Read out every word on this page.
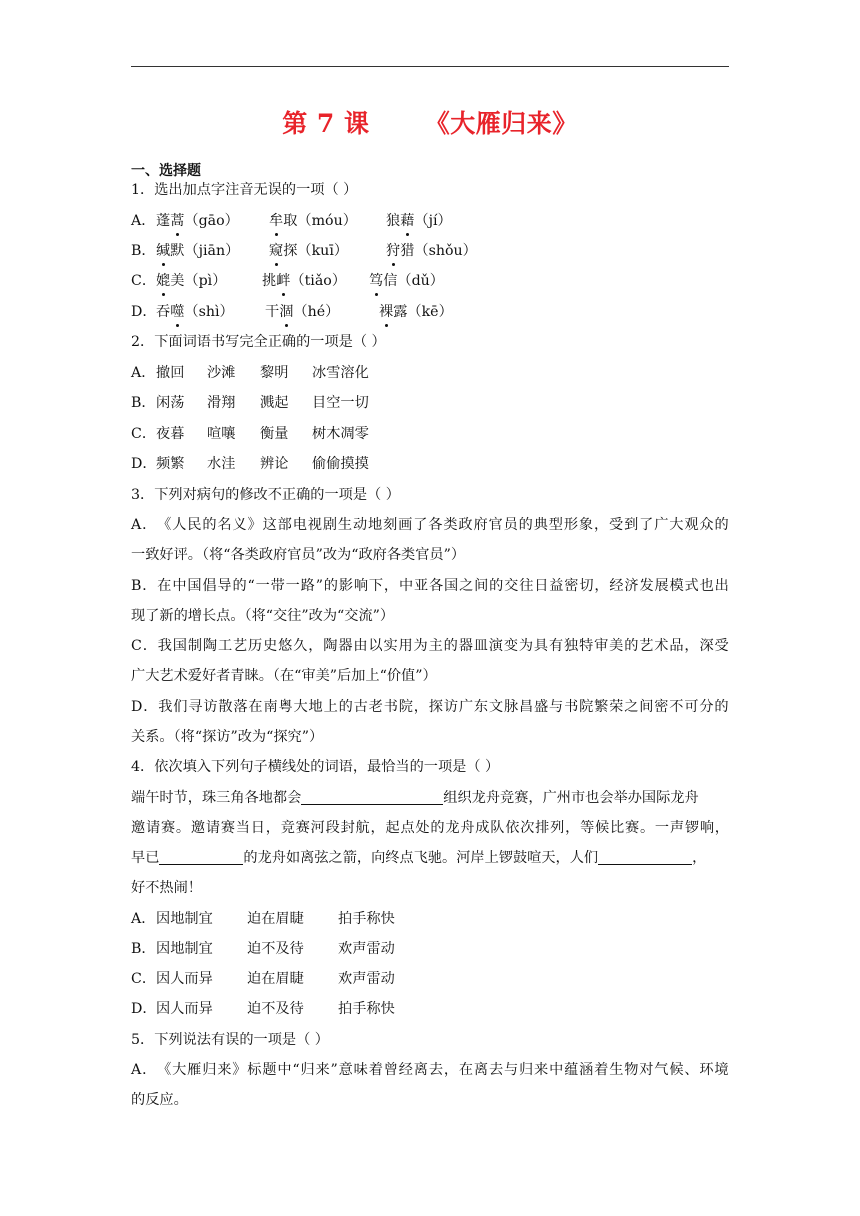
第 7 课 《大雁归来》
一、选择题
1．选出加点字注音无误的一项（ ）
A． 蓬蒿（gāo） 牟取（móu） 狼藉（jí）
B． 缄默（jiān） 窥探（kuī）	狩猎（shǒu）
C． 媲美（pì）	挑衅（tiǎo） 笃信（dǔ）
D． 吞噬（shì） 干涸（hé）	裸露（kē）
2．下面词语书写完全正确的一项是（ ）
A． 撤回 沙滩 黎明 冰雪溶化
B． 闲荡 滑翔 溅起 目空一切
C． 夜暮 喧嚷 衡量 树木凋零
D． 频繁 水洼 辨论 偷偷摸摸
3．下列对病句的修改不正确的一项是（ ）
A ． 《 人 民 的 名 义 》 这 部 电 视 剧 生 动 地 刻 画 了 各 类 政 府 官 员 的 典 型 形 象 ， 受 到 了 广 大 观 众 的
一致好评。（将“各类政府官员”改为“政府各类官员”）
B ． 在 中 国 倡 导 的 “ 一 带 一 路 ” 的 影 响 下 ， 中 亚 各 国 之 间 的 交 往 日 益 密 切 ， 经 济 发 展 模 式 也 出
现了新的增长点。（将“交往”改为“交流”）
C ． 我 国 制 陶 工 艺 历 史 悠 久 ， 陶 器 由 以 实 用 为 主 的 器 皿 演 变 为 具 有 独 特 审 美 的 艺 术 品 ， 深 受
广大艺术爱好者青睐。（在“审美”后加上“价值”）
D ． 我 们 寻 访 散 落 在 南 粤 大 地 上 的 古 老 书 院 ， 探 访 广 东 文 脉 昌 盛 与 书 院 繁 荣 之 间 密 不 可 分 的
关系。（将“探访”改为“探究”）
4．依次填入下列句子横线处的词语，最恰当的一项是（ ）
端午时节，珠三角各地都会	组织龙舟竞赛，广州市也会举办国际龙舟
邀 请 赛 。 邀 请 赛 当 日 ， 竞 赛 河 段 封 航 ， 起 点 处 的 龙 舟 成 队 依 次 排 列 ， 等 候 比 赛 。 一 声 锣 响 ，
早已	的龙舟如离弦之箭，向终点飞驰。河岸上锣鼓喧天，人们	，
好不热闹！
A． 因地制宜 迫在眉睫 拍手称快
B． 因地制宜 迫不及待 欢声雷动
C． 因人而异 迫在眉睫 欢声雷动
D． 因人而异 迫不及待 拍手称快
5．下列说法有误的一项是（ ）
A ． 《 大 雁 归 来 》 标 题 中 “ 归 来 ” 意 味 着 曾 经 离 去 ， 在 离 去 与 归 来 中 蕴 涵 着 生 物 对 气 候 、 环 境
的反应。
